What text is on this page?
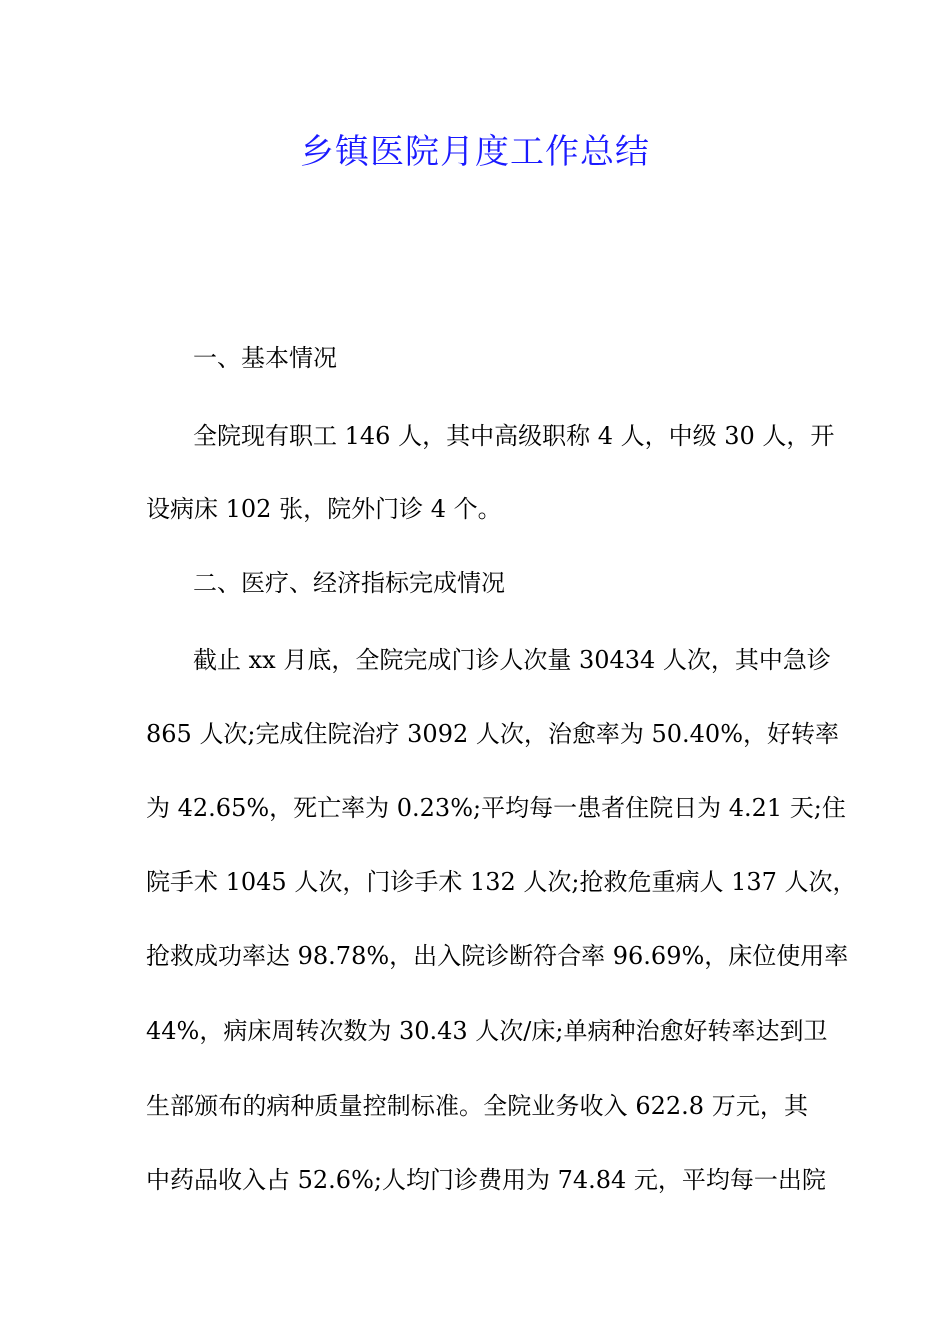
乡镇医院月度工作总结
一、基本情况
全院现有职工 146 人，其中高级职称 4 人，中级 30 人，开
设病床 102 张，院外门诊 4 个。
二、医疗、经济指标完成情况
截止 xx 月底，全院完成门诊人次量 30434 人次，其中急诊
865 人次;完成住院治疗 3092 人次，治愈率为 50.40%，好转率
为 42.65%，死亡率为 0.23%;平均每一患者住院日为 4.21 天;住
院手术 1045 人次，门诊手术 132 人次;抢救危重病人 137 人次，
抢救成功率达 98.78%，出入院诊断符合率 96.69%，床位使用率
44%，病床周转次数为 30.43 人次/床;单病种治愈好转率达到卫
生部颁布的病种质量控制标准。全院业务收入 622.8 万元，其
中药品收入占 52.6%;人均门诊费用为 74.84 元，平均每一出院
